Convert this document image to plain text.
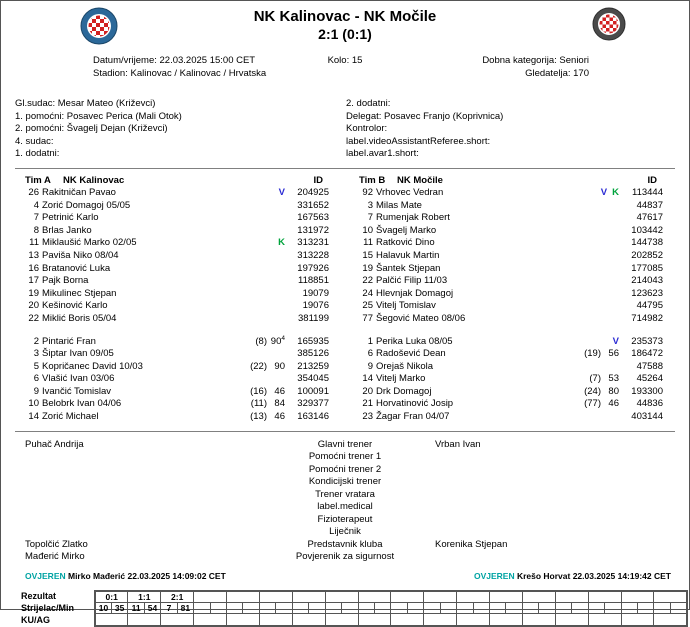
NK Kalinovac - NK Močile
2:1 (0:1)
Datum/vrijeme: 22.03.2025 15:00 CET
Stadion: Kalinovac / Kalinovac / Hrvatska
Kolo: 15	Dobna kategorija: Seniori
Gledatelja: 170
Gl.sudac: Mesar Mateo (Križevci)
1. pomoćni: Posavec Perica (Mali Otok)
2. pomoćni: Švagelj Dejan (Križevci)
4. sudac:
1. dodatni:
2. dodatni:
Delegat: Posavec Franjo (Koprivnica)
Kontrolor:
label.videoAssistantReferee.short:
label.avar1.short:
Tim A	NK Kalinovac	ID
26 Rakitničan Pavao	V	204925
4 Zorić Domagoj 05/05	331652
7 Petrinić Karlo	167563
8 Brlas Janko	131972
11 Miklaušić Marko 02/05	K	313231
13 Paviša Niko 08/04	313228
16 Bratanović Luka	197926
17 Pajk Borna	118851
19 Mikulinec Stjepan	19079
20 Kešinović Karlo	19076
22 Miklić Boris 05/04	381199
2 Pintarić Fran	(8) $90^4$	165935
3 Šiptar Ivan 09/05	385126
5 Kopričanec David 10/03	(22) 90	213259
6 Vlašić Ivan 03/06	354045
9 Ivančić Tomislav	(16) 46	100091
10 Belobrk Ivan 04/06	(11) 84	329377
14 Zorić Michael	(13) 46	163146
Tim B	NK Močile	ID
92 Vrhovec Vedran	V K	113444
3 Milas Mate	44837
7 Rumenjak Robert	47617
10 Švagelj Marko	103442
11 Ratković Dino	144738
15 Halavuk Martin	202852
19 Šantek Stjepan	177085
22 Palčić Filip 11/03	214043
24 Hlevnjak Domagoj	123623
25 Vitelj Tomislav	44795
77 Šegović Mateo 08/06	714982
1 Perika Luka 08/05	V	235373
6 Radošević Dean	(19) 56	186472
9 Orejaš Nikola	47588
14 Vitelj Marko	(7) 53	45264
20 Drk Domagoj	(24) 80	193300
21 Horvatinović Josip	(77) 46	44836
23 Žagar Fran 04/07	403144
Puhač Andrija	Glavni trener	Vrban Ivan
Pomoćni trener 1
Pomoćni trener 2
Kondicijski trener
Trener vratara
label.medical
Fizioterapeut
Liječnik
Topolčić Zlatko	Predstavnik kluba	Korenika Stjepan
Mađerić Mirko	Povjerenik za sigurnost
OVJEREN Mirko Mađerić 22.03.2025 14:09:02 CET	OVJEREN Krešo Horvat 22.03.2025 14:19:42 CET
Rezultat
Strijelac/Min
KU/AG
0:1		1:1		2:1																															
10	35	11	54	7	81																														
